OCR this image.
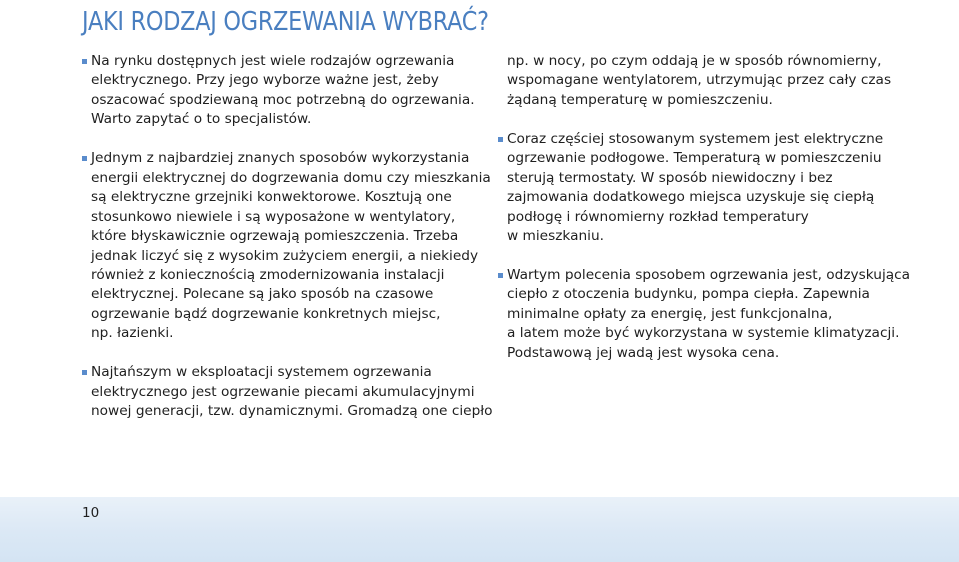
JAKI RODZAJ OGRZEWANIA WYBRAĆ?

Na rynku dostępnych jest wiele rodzajów ogrzewania
elektrycznego. Przy jego wyborze ważne jest, żeby
oszacować spodziewaną moc potrzebną do ogrzewania.
Warto zapytać o to specjalistów.

Jednym z najbardziej znanych sposobów wykorzystania
energii elektrycznej do dogrzewania domu czy mieszkania
są elektryczne grzejniki konwektorowe. Kosztują one
stosunkowo niewiele i są wyposażone w wentylatory,
które błyskawicznie ogrzewają pomieszczenia. Trzeba
jednak liczyć się z wysokim zużyciem energii, a niekiedy
również z koniecznością zmodernizowania instalacji
elektrycznej. Polecane są jako sposób na czasowe
ogrzewanie bądź dogrzewanie konkretnych miejsc,
np. łazienki.

Najtańszym w eksploatacji systemem ogrzewania
elektrycznego jest ogrzewanie piecami akumulacyjnymi
nowej generacji, tzw. dynamicznymi. Gromadzą one ciepło

np. w nocy, po czym oddają je w sposób równomierny,
wspomagane wentylatorem, utrzymując przez cały czas
żądaną temperaturę w pomieszczeniu.

Coraz częściej stosowanym systemem jest elektryczne
ogrzewanie podłogowe. Temperaturą w pomieszczeniu
sterują termostaty. W sposób niewidoczny i bez
zajmowania dodatkowego miejsca uzyskuje się ciepłą
podłogę i równomierny rozkład temperatury
w mieszkaniu.

Wartym polecenia sposobem ogrzewania jest, odzyskująca
ciepło z otoczenia budynku, pompa ciepła. Zapewnia
minimalne opłaty za energię, jest funkcjonalna,
a latem może być wykorzystana w systemie klimatyzacji.
Podstawową jej wadą jest wysoka cena.

10
